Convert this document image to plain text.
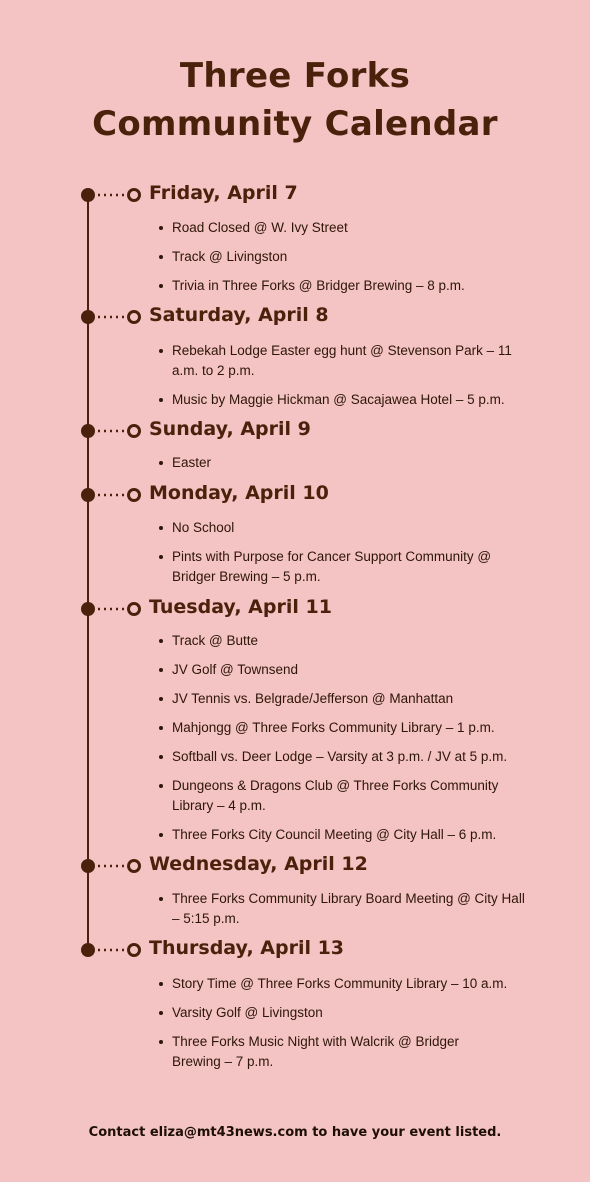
Three Forks
Community Calendar
Friday, April 7
Road Closed @ W. Ivy Street
Track @ Livingston
Trivia in Three Forks @ Bridger Brewing – 8 p.m.
Saturday, April 8
Rebekah Lodge Easter egg hunt @ Stevenson Park – 11 a.m. to 2 p.m.
Music by Maggie Hickman @ Sacajawea Hotel – 5 p.m.
Sunday, April 9
Easter
Monday, April 10
No School
Pints with Purpose for Cancer Support Community @ Bridger Brewing – 5 p.m.
Tuesday, April 11
Track @ Butte
JV Golf @ Townsend
JV Tennis vs. Belgrade/Jefferson @ Manhattan
Mahjongg @ Three Forks Community Library – 1 p.m.
Softball vs. Deer Lodge – Varsity at 3 p.m. / JV at 5 p.m.
Dungeons & Dragons Club @ Three Forks Community Library – 4 p.m.
Three Forks City Council Meeting @ City Hall – 6 p.m.
Wednesday, April 12
Three Forks Community Library Board Meeting @ City Hall – 5:15 p.m.
Thursday, April 13
Story Time @ Three Forks Community Library – 10 a.m.
Varsity Golf @ Livingston
Three Forks Music Night with Walcrik @ Bridger Brewing – 7 p.m.
Contact eliza@mt43news.com to have your event listed.
